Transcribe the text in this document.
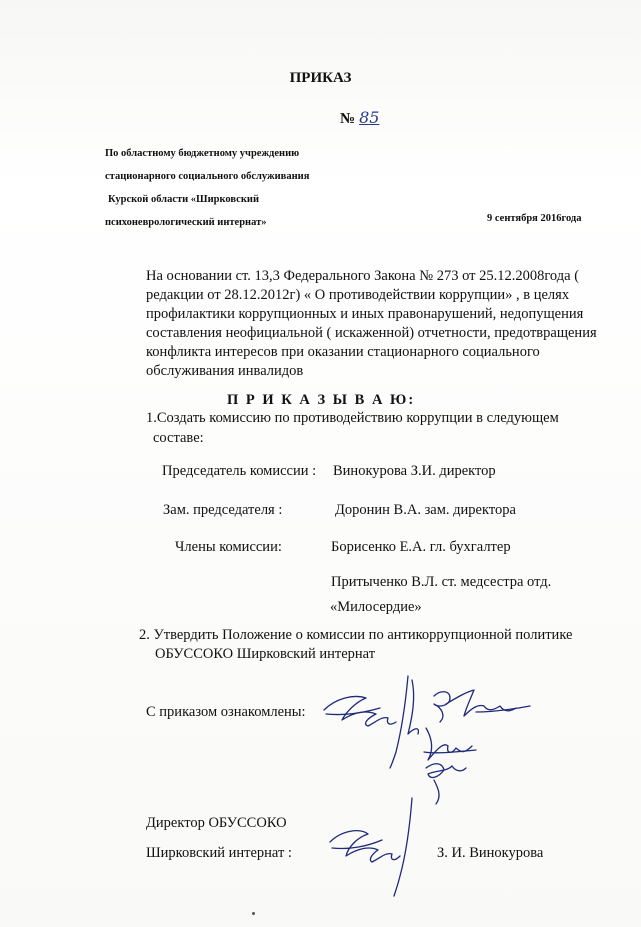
ПРИКАЗ
№ 85
По областному бюджетному учреждению
стационарного социального обслуживания
Курской области «Ширковский
психоневрологический интернат»	9 сентября 2016года
На основании ст. 13,3 Федерального Закона № 273 от 25.12.2008года ( редакции от 28.12.2012г) « О противодействии коррупции» , в целях профилактики коррупционных и иных правонарушений, недопущения составления неофициальной ( искаженной) отчетности, предотвращения конфликта интересов при оказании стационарного социального обслуживания инвалидов
П Р И К А З Ы В А Ю:
1.Создать комиссию по противодействию коррупции в следующем
составе:
Председатель комиссии : Винокурова З.И. директор
Зам. председателя :	Доронин В.А. зам. директора
Члены комиссии:	Борисенко Е.А. гл. бухгалтер
Притыченко В.Л. ст. медсестра отд.
«Милосердие»
2. Утвердить Положение о комиссии по антикоррупционной политике
ОБУССОКО Ширковский интернат
С приказом ознакомлены:
Директор ОБУССОКО
Ширковский интернат :	З. И. Винокурова
